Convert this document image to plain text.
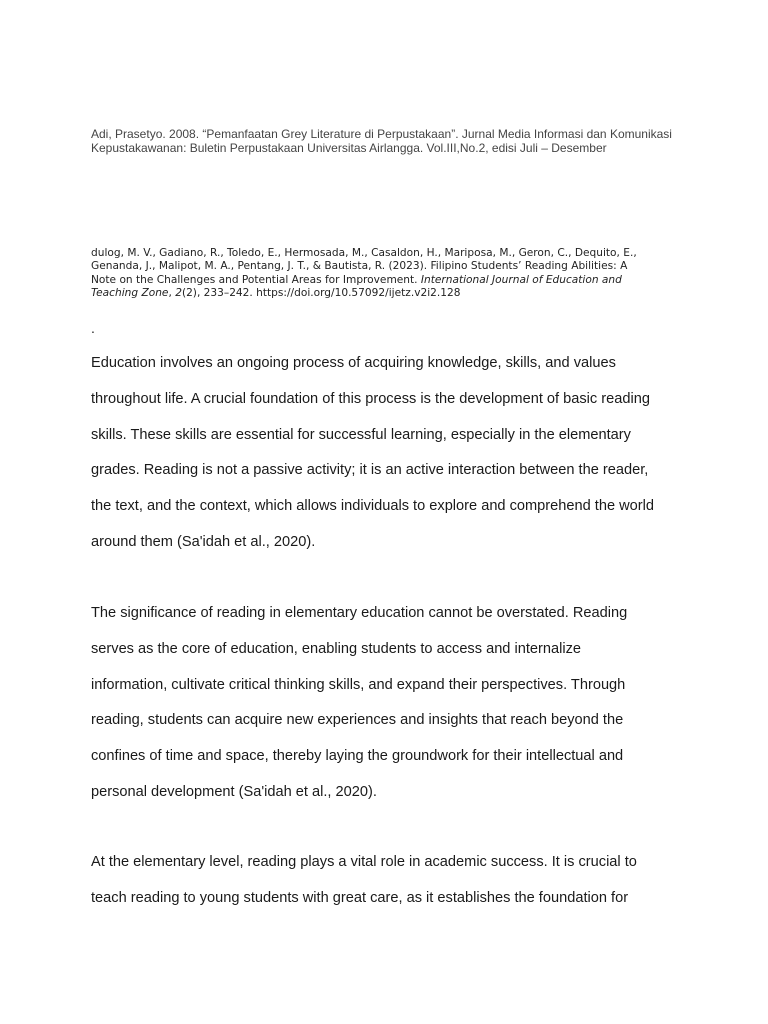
Adi, Prasetyo. 2008. “Pemanfaatan Grey Literature di Perpustakaan”. Jurnal Media Informasi dan Komunikasi
Kepustakawanan: Buletin Perpustakaan Universitas Airlangga. Vol.III,No.2, edisi Juli – Desember

dulog, M. V., Gadiano, R., Toledo, E., Hermosada, M., Casaldon, H., Mariposa, M., Geron, C., Dequito, E.,
Genanda, J., Malipot, M. A., Pentang, J. T., & Bautista, R. (2023). Filipino Students’ Reading Abilities: A
Note on the Challenges and Potential Areas for Improvement. International Journal of Education and
Teaching Zone, 2(2), 233–242. https://doi.org/10.57092/ijetz.v2i2.128

.

Education involves an ongoing process of acquiring knowledge, skills, and values
throughout life. A crucial foundation of this process is the development of basic reading
skills. These skills are essential for successful learning, especially in the elementary
grades. Reading is not a passive activity; it is an active interaction between the reader,
the text, and the context, which allows individuals to explore and comprehend the world
around them (Sa'idah et al., 2020).

The significance of reading in elementary education cannot be overstated. Reading
serves as the core of education, enabling students to access and internalize
information, cultivate critical thinking skills, and expand their perspectives. Through
reading, students can acquire new experiences and insights that reach beyond the
confines of time and space, thereby laying the groundwork for their intellectual and
personal development (Sa'idah et al., 2020).

At the elementary level, reading plays a vital role in academic success. It is crucial to
teach reading to young students with great care, as it establishes the foundation for
